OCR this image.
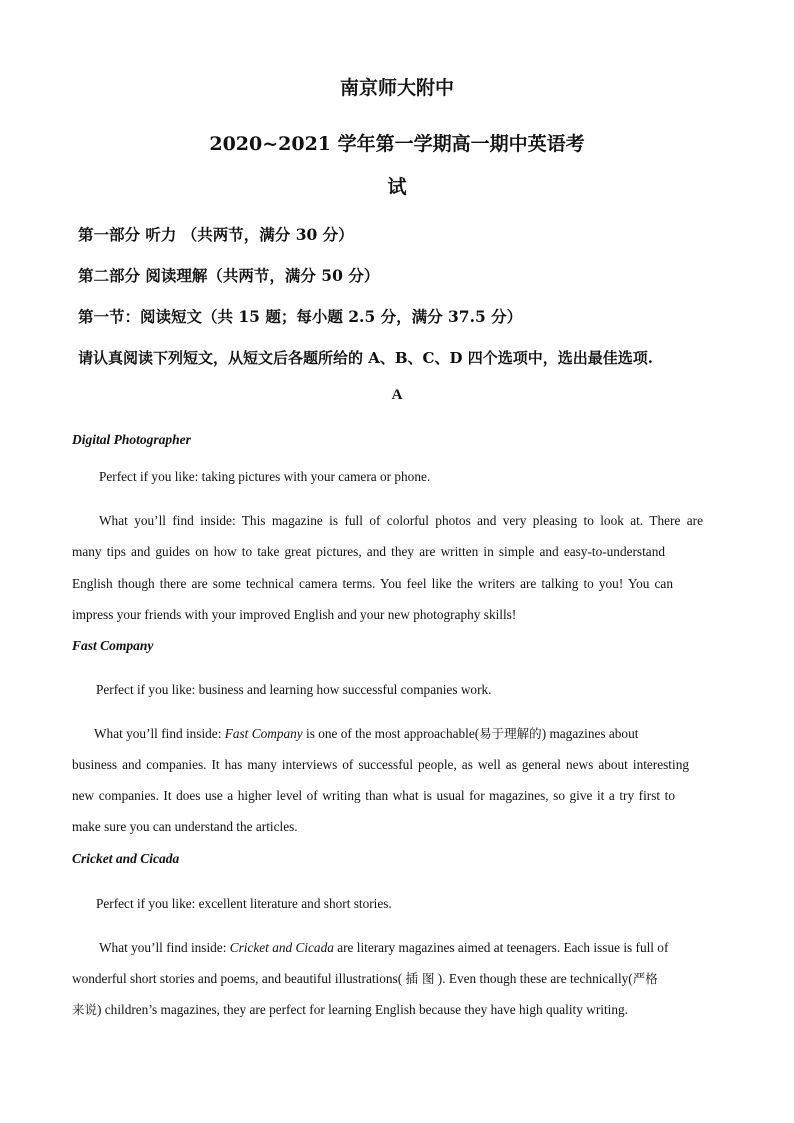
南京师大附中
2020~2021 学年第一学期高一期中英语考
试
第一部分 听力 （共两节，满分 30 分）
第二部分 阅读理解（共两节，满分 50 分）
第一节：阅读短文（共 15 题；每小题 2.5 分，满分 37.5 分）
请认真阅读下列短文，从短文后各题所给的 A、B、C、D 四个选项中，选出最佳选项.
A
Digital Photographer
Perfect if you like: taking pictures with your camera or phone.
What you’ll find inside: This magazine is full of colorful photos and very pleasing to look at. There are
many tips and guides on how to take great pictures, and they are written in simple and easy-to-understand
English though there are some technical camera terms. You feel like the writers are talking to you! You can
impress your friends with your improved English and your new photography skills!
Fast Company
Perfect if you like: business and learning how successful companies work.
What you’ll find inside: Fast Company is one of the most approachable(易于理解的) magazines about
business and companies. It has many interviews of successful people, as well as general news about interesting
new companies. It does use a higher level of writing than what is usual for magazines, so give it a try first to
make sure you can understand the articles.
Cricket and Cicada
Perfect if you like: excellent literature and short stories.
What you’ll find inside: Cricket and Cicada are literary magazines aimed at teenagers. Each issue is full of
wonderful short stories and poems, and beautiful illustrations( 插 图 ). Even though these are technically(严格
来说) children’s magazines, they are perfect for learning English because they have high quality writing.
